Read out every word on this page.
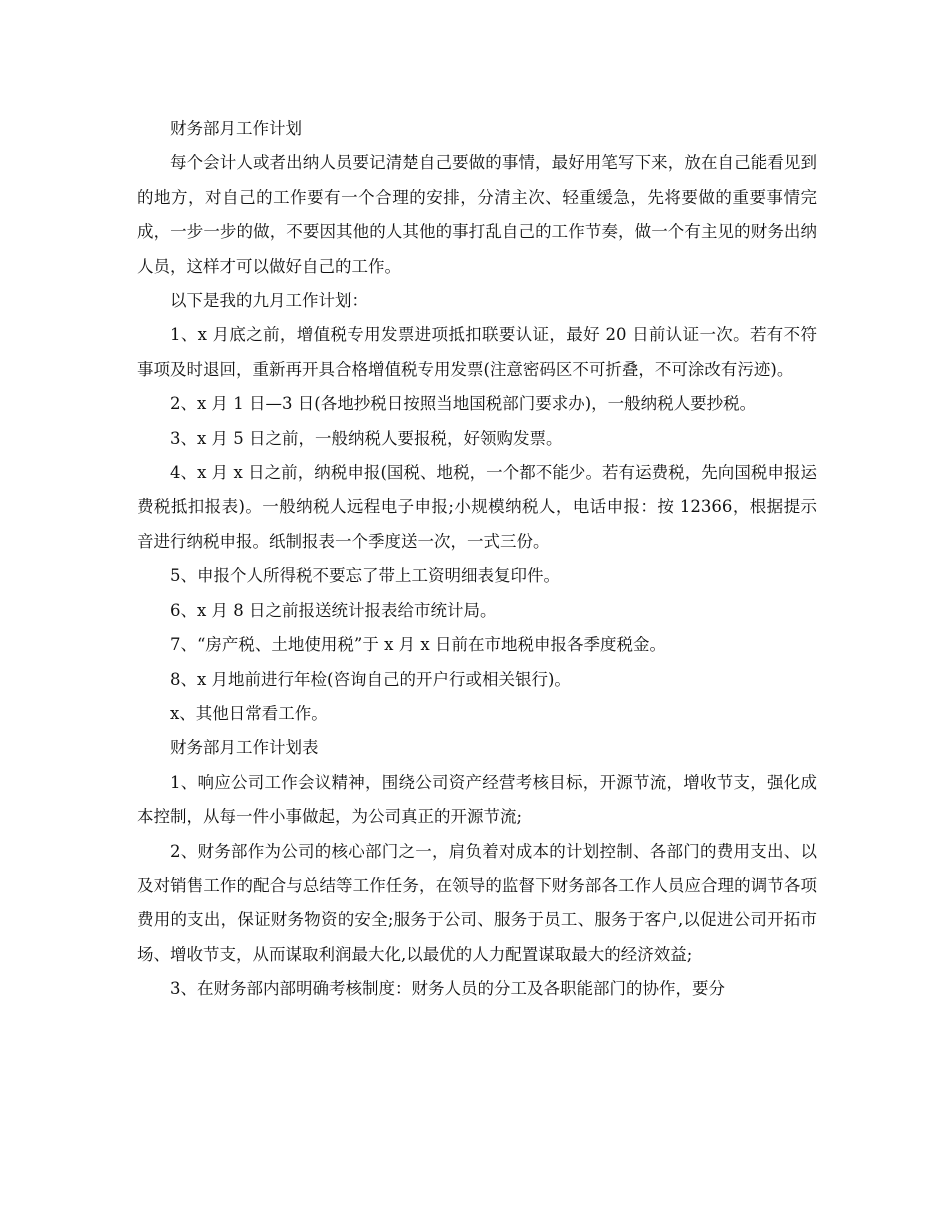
财务部月工作计划

每个会计人或者出纳人员要记清楚自己要做的事情，最好用笔写下来，放在自己能看见到的地方，对自己的工作要有一个合理的安排，分清主次、轻重缓急，先将要做的重要事情完成，一步一步的做，不要因其他的人其他的事打乱自己的工作节奏，做一个有主见的财务出纳人员，这样才可以做好自己的工作。

以下是我的九月工作计划：

1、x 月底之前，增值税专用发票进项抵扣联要认证，最好 20 日前认证一次。若有不符事项及时退回，重新再开具合格增值税专用发票(注意密码区不可折叠，不可涂改有污迹)。

2、x 月 1 日—3 日(各地抄税日按照当地国税部门要求办)，一般纳税人要抄税。

3、x 月 5 日之前，一般纳税人要报税，好领购发票。

4、x 月 x 日之前，纳税申报(国税、地税，一个都不能少。若有运费税，先向国税申报运费税抵扣报表)。一般纳税人远程电子申报;小规模纳税人，电话申报：按 12366，根据提示音进行纳税申报。纸制报表一个季度送一次，一式三份。

5、申报个人所得税不要忘了带上工资明细表复印件。

6、x 月 8 日之前报送统计报表给市统计局。

7、“房产税、土地使用税”于 x 月 x 日前在市地税申报各季度税金。

8、x 月地前进行年检(咨询自己的开户行或相关银行)。

x、其他日常看工作。

财务部月工作计划表

1、响应公司工作会议精神，围绕公司资产经营考核目标，开源节流，增收节支，强化成本控制，从每一件小事做起，为公司真正的开源节流;

2、财务部作为公司的核心部门之一，肩负着对成本的计划控制、各部门的费用支出、以及对销售工作的配合与总结等工作任务，在领导的监督下财务部各工作人员应合理的调节各项费用的支出，保证财务物资的安全;服务于公司、服务于员工、服务于客户,以促进公司开拓市场、增收节支，从而谋取利润最大化,以最优的人力配置谋取最大的经济效益;

3、在财务部内部明确考核制度：财务人员的分工及各职能部门的协作，要分
